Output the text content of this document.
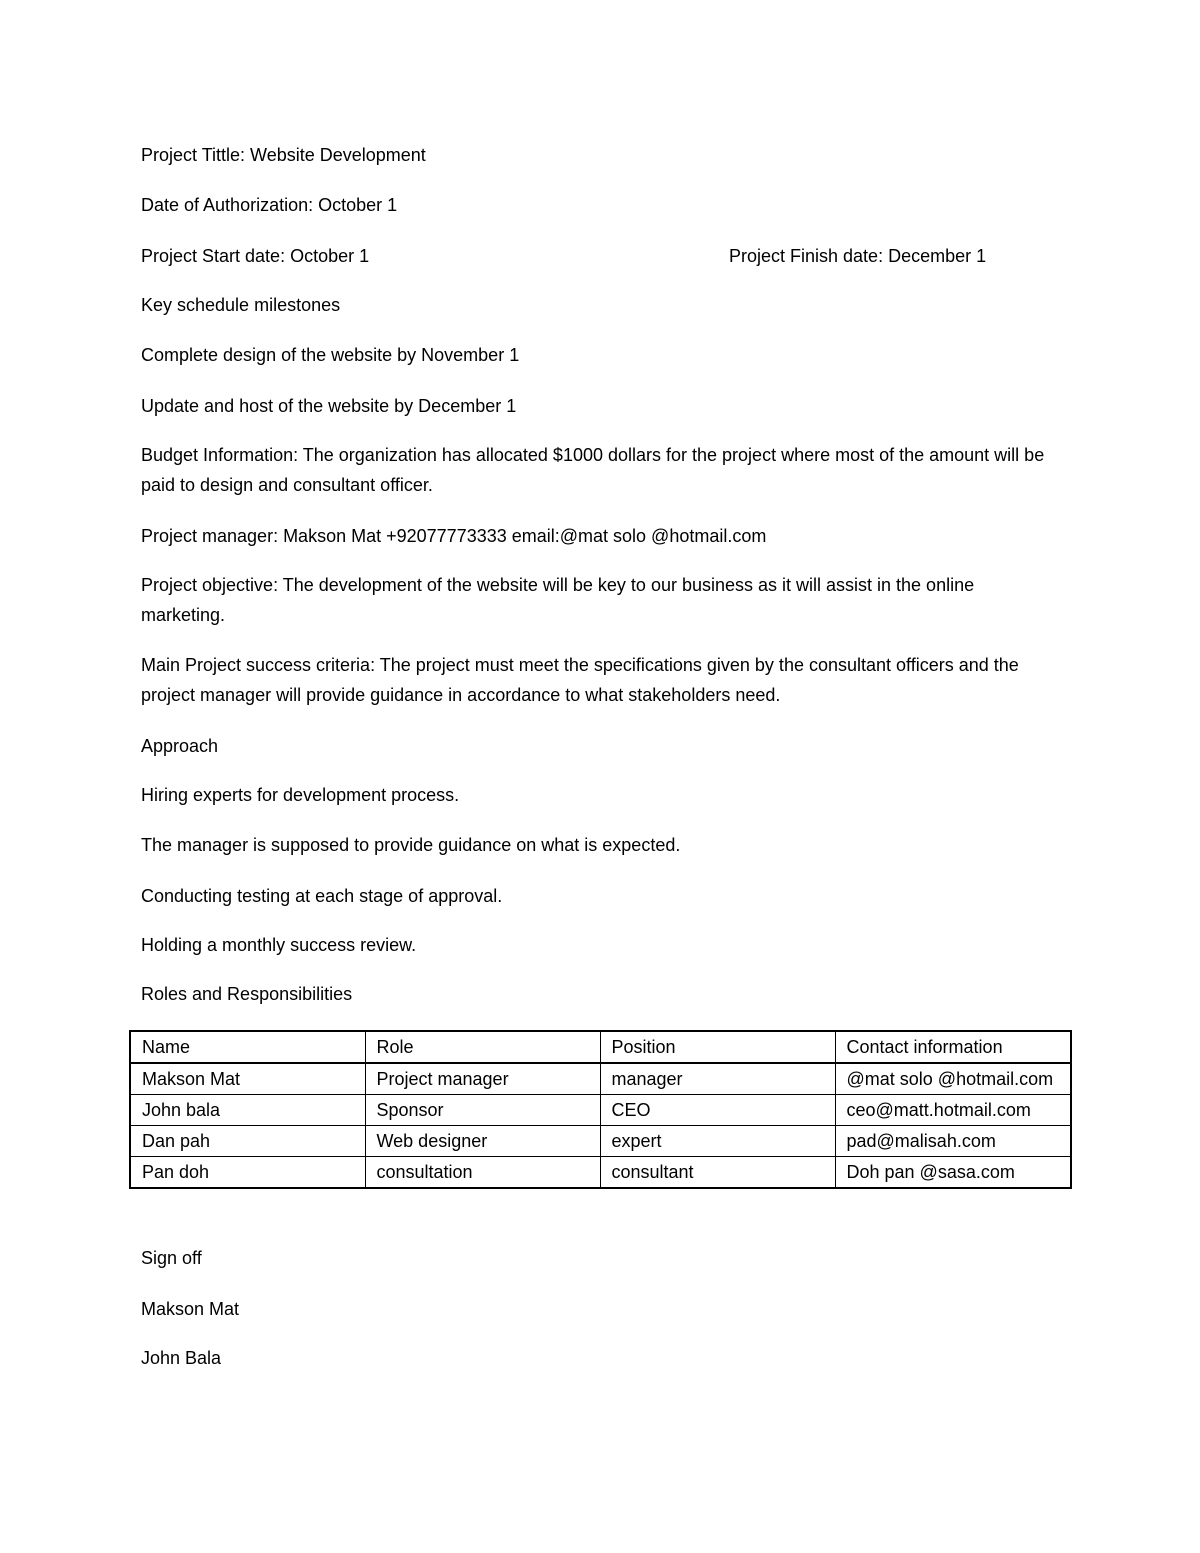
Project Tittle: Website Development
Date of Authorization: October 1
Project Start date: October 1	Project Finish date: December 1
Key schedule milestones
Complete design of the website by November 1
Update and host of the website by December 1
Budget Information: The organization has allocated $1000 dollars for the project where most of the amount will be paid to design and consultant officer.
Project manager: Makson Mat +92077773333 email:@mat solo @hotmail.com
Project objective: The development of the website will be key to our business as it will assist in the online marketing.
Main Project success criteria: The project must meet the specifications given by the consultant officers and the project manager will provide guidance in accordance to what stakeholders need.
Approach
Hiring experts for development process.
The manager is supposed to provide guidance on what is expected.
Conducting testing at each stage of approval.
Holding a monthly success review.
Roles and Responsibilities
Name	Role	Position	Contact information
Makson Mat	Project manager	manager	@mat solo @hotmail.com
John bala	Sponsor	CEO	ceo@matt.hotmail.com
Dan pah	Web designer	expert	pad@malisah.com
Pan doh	consultation	consultant	Doh pan @sasa.com
Sign off
Makson Mat
John Bala
